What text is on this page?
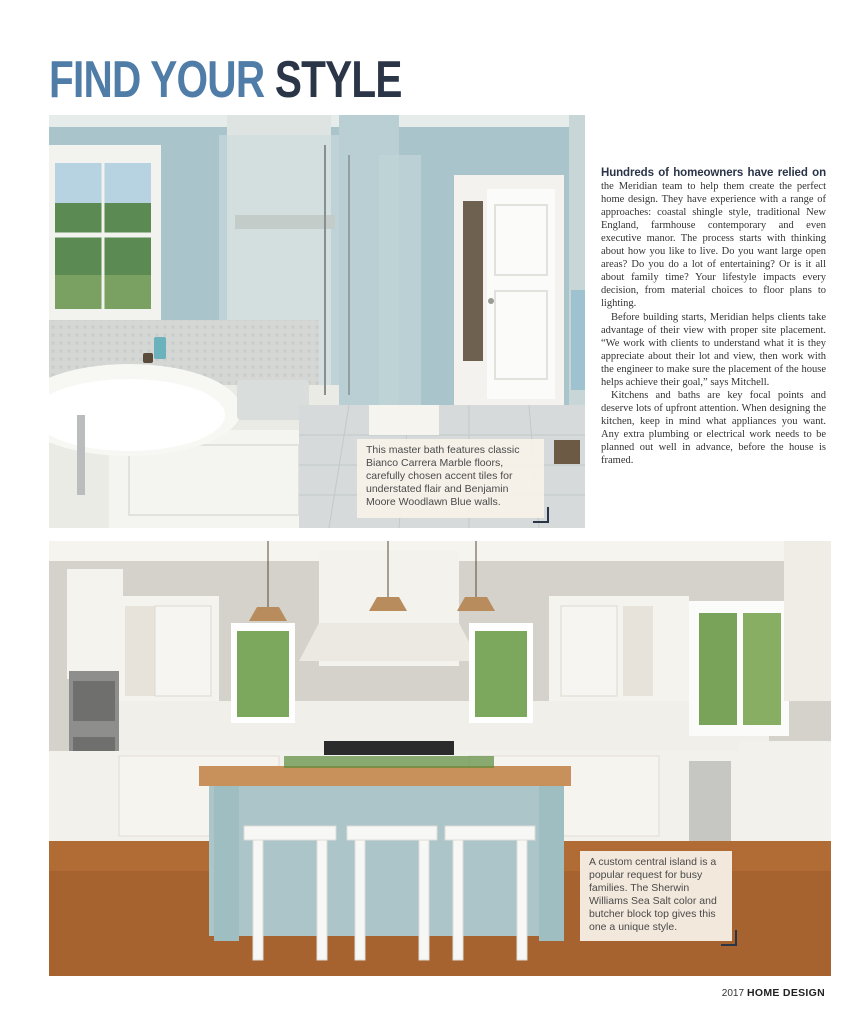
FIND YOUR STYLE
This master bath features classic Bianco Carrera Marble floors, carefully chosen accent tiles for understated flair and Benjamin Moore Woodlawn Blue walls.
A custom central island is a popular request for busy families. The Sherwin Williams Sea Salt color and butcher block top gives this one a unique style.

Hundreds of homeowners have relied on the Meridian team to help them create the perfect home design. They have experience with a range of approaches: coastal shingle style, traditional New England, farmhouse contemporary and even executive manor. The process starts with thinking about how you like to live. Do you want large open areas? Do you do a lot of entertaining? Or is it all about family time? Your lifestyle impacts every decision, from material choices to floor plans to lighting.

Before building starts, Meridian helps clients take advantage of their view with proper site placement. “We work with clients to understand what it is they appreciate about their lot and view, then work with the engineer to make sure the placement of the house helps achieve their goal,” says Mitchell.

Kitchens and baths are key focal points and deserve lots of upfront attention. When designing the kitchen, keep in mind what appliances you want. Any extra plumbing or electrical work needs to be planned out well in advance, before the house is framed.

2017 HOME DESIGN
